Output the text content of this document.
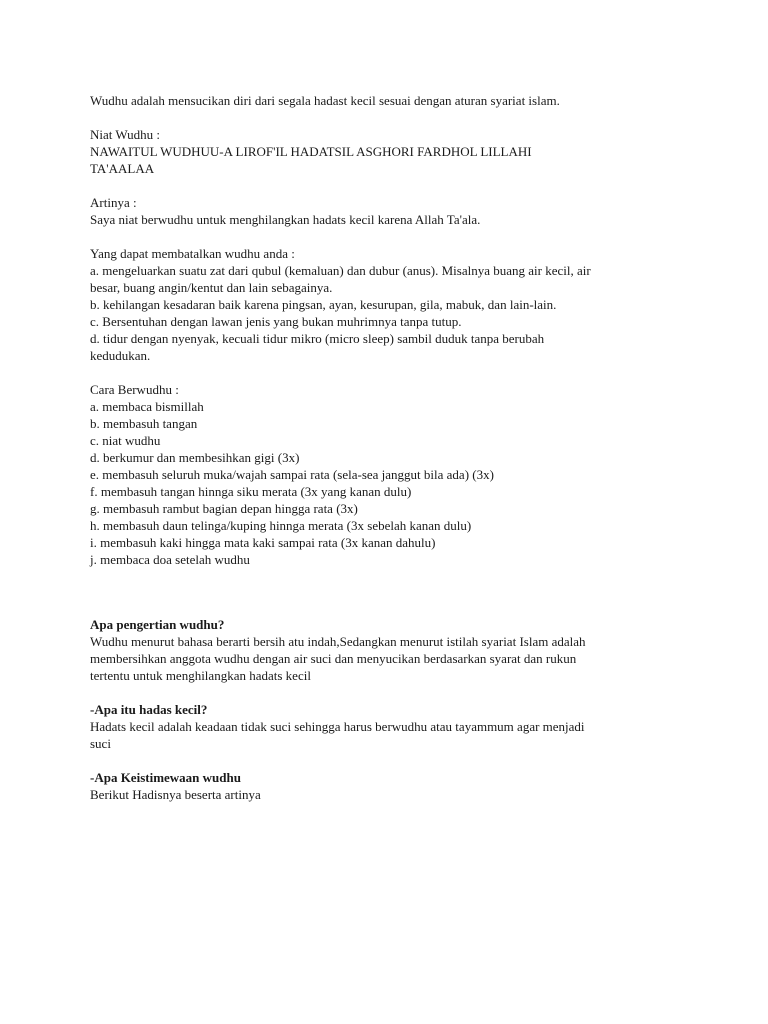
Wudhu adalah mensucikan diri dari segala hadast kecil sesuai dengan aturan syariat islam.

Niat Wudhu :

NAWAITUL WUDHUU-A LIROF'IL HADATSIL ASGHORI FARDHOL LILLAHI

TA'AALAA

Artinya :

Saya niat berwudhu untuk menghilangkan hadats kecil karena Allah Ta'ala.

Yang dapat membatalkan wudhu anda :

a. mengeluarkan suatu zat dari qubul (kemaluan) dan dubur (anus). Misalnya buang air kecil, air
besar, buang angin/kentut dan lain sebagainya.
b. kehilangan kesadaran baik karena pingsan, ayan, kesurupan, gila, mabuk, dan lain-lain.
c. Bersentuhan dengan lawan jenis yang bukan muhrimnya tanpa tutup.
d. tidur dengan nyenyak, kecuali tidur mikro (micro sleep) sambil duduk tanpa berubah
kedudukan.

Cara Berwudhu :

a. membaca bismillah
b. membasuh tangan
c. niat wudhu
d. berkumur dan membesihkan gigi (3x)
e. membasuh seluruh muka/wajah sampai rata (sela-sea janggut bila ada) (3x)
f. membasuh tangan hinnga siku merata (3x yang kanan dulu)
g. membasuh rambut bagian depan hingga rata (3x)
h. membasuh daun telinga/kuping hinnga merata (3x sebelah kanan dulu)
i. membasuh kaki hingga mata kaki sampai rata (3x kanan dahulu)
j. membaca doa setelah wudhu

Apa pengertian wudhu?

Wudhu menurut bahasa berarti bersih atu indah,Sedangkan menurut istilah syariat Islam adalah
membersihkan anggota wudhu dengan air suci dan menyucikan berdasarkan syarat dan rukun
tertentu untuk menghilangkan hadats kecil

-Apa itu hadas kecil?

Hadats kecil adalah keadaan tidak suci sehingga harus berwudhu atau tayammum agar menjadi
suci

-Apa Keistimewaan wudhu

Berikut Hadisnya beserta artinya
